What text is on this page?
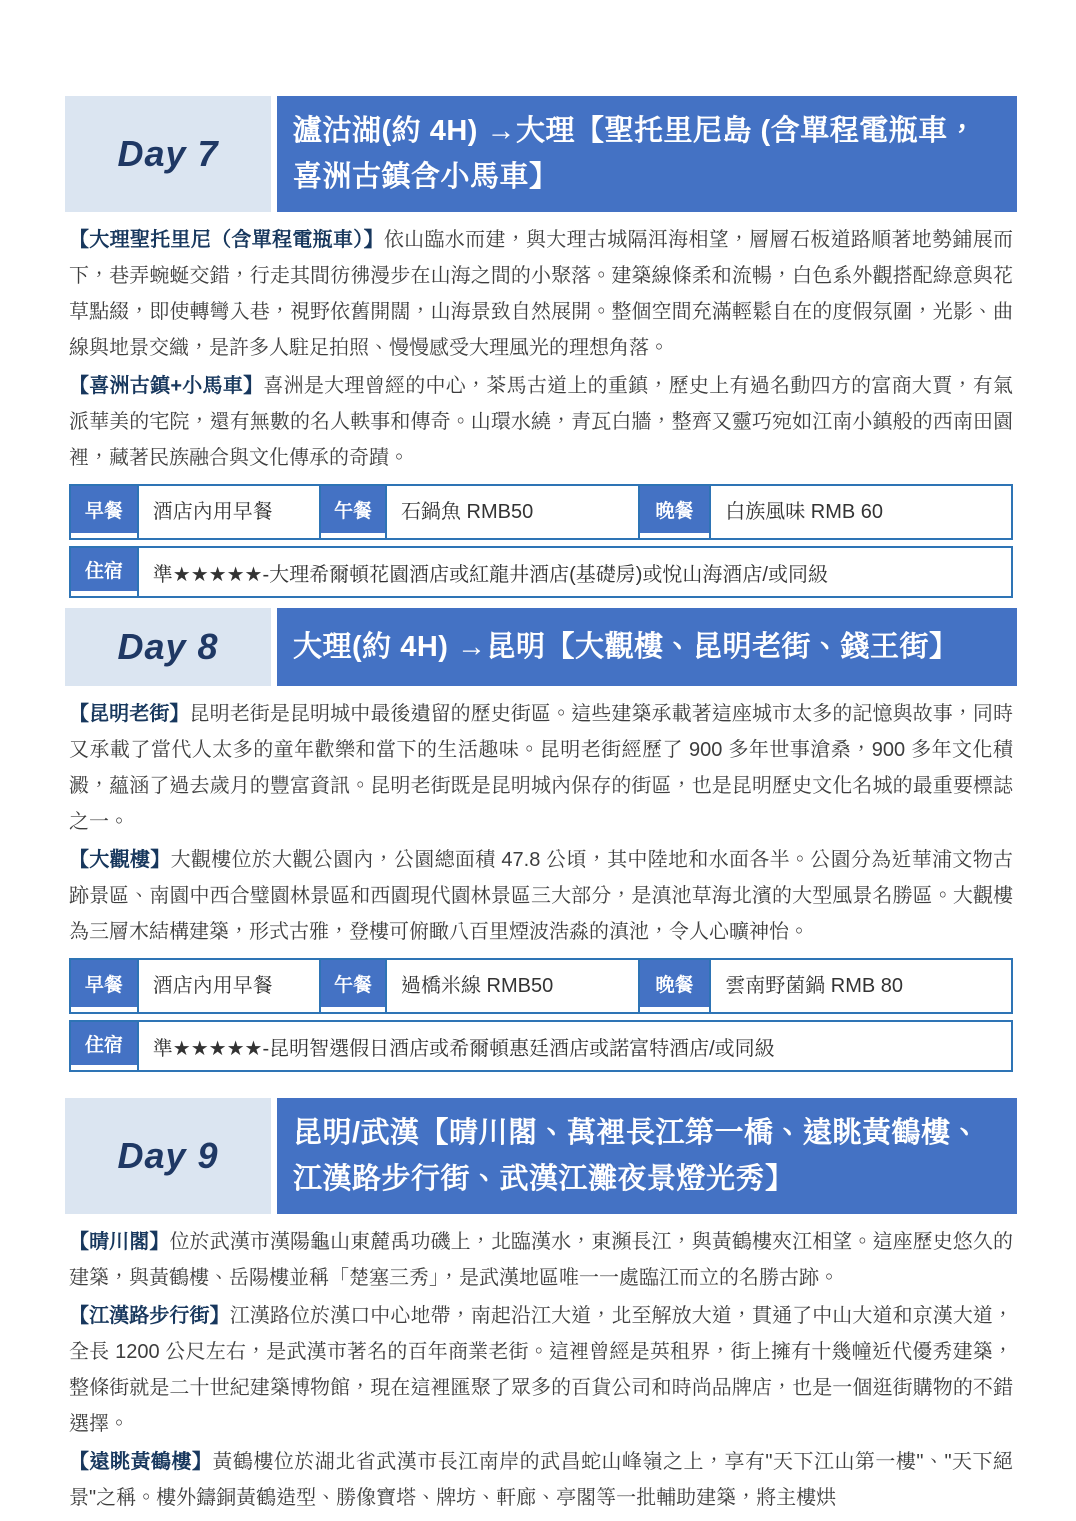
Day 7
瀘沽湖(約 4H) →大理【聖托里尼島 (含單程電瓶車，喜洲古鎮含小馬車】

【大理聖托里尼（含單程電瓶車）】依山臨水而建，與大理古城隔洱海相望，層層石板道路順著地勢鋪展而下，巷弄蜿蜒交錯，行走其間彷彿漫步在山海之間的小聚落。建築線條柔和流暢，白色系外觀搭配綠意與花草點綴，即使轉彎入巷，視野依舊開闊，山海景致自然展開。整個空間充滿輕鬆自在的度假氛圍，光影、曲線與地景交織，是許多人駐足拍照、慢慢感受大理風光的理想角落。

【喜洲古鎮+小馬車】喜洲是大理曾經的中心，茶馬古道上的重鎮，歷史上有過名動四方的富商大賈，有氣派華美的宅院，還有無數的名人軼事和傳奇。山環水繞，青瓦白牆，整齊又靈巧宛如江南小鎮般的西南田園裡，藏著民族融合與文化傳承的奇蹟。

早餐	酒店內用早餐	午餐	石鍋魚 RMB50	晚餐	白族風味 RMB 60
住宿	準★★★★★-大理希爾頓花園酒店或紅龍井酒店(基礎房)或悅山海酒店/或同級
Day 8	大理(約 4H) →昆明【大觀樓、昆明老街、錢王街】

【昆明老街】昆明老街是昆明城中最後遺留的歷史街區。這些建築承載著這座城市太多的記憶與故事，同時又承載了當代人太多的童年歡樂和當下的生活趣味。昆明老街經歷了 900 多年世事滄桑，900 多年文化積澱，蘊涵了過去歲月的豐富資訊。昆明老街既是昆明城內保存的街區，也是昆明歷史文化名城的最重要標誌之一。

【大觀樓】大觀樓位於大觀公園內，公園總面積 47.8 公頃，其中陸地和水面各半。公園分為近華浦文物古跡景區、南園中西合璧園林景區和西園現代園林景區三大部分，是滇池草海北濱的大型風景名勝區。大觀樓為三層木結構建築，形式古雅，登樓可俯瞰八百里煙波浩淼的滇池，令人心曠神怡。

早餐	酒店內用早餐	午餐	過橋米線 RMB50	晚餐	雲南野菌鍋 RMB 80
住宿	準★★★★★-昆明智選假日酒店或希爾頓惠廷酒店或諾富特酒店/或同級
Day 9
昆明/武漢【晴川閣、萬裡長江第一橋、遠眺黃鶴樓、江漢路步行街、武漢江灘夜景燈光秀】

【晴川閣】位於武漢市漢陽龜山東麓禹功磯上，北臨漢水，東瀕長江，與黃鶴樓夾江相望。這座歷史悠久的建築，與黃鶴樓、岳陽樓並稱「楚塞三秀」，是武漢地區唯一一處臨江而立的名勝古跡。

【江漢路步行街】江漢路位於漢口中心地帶，南起沿江大道，北至解放大道，貫通了中山大道和京漢大道，全長 1200 公尺左右，是武漢市著名的百年商業老街。這裡曾經是英租界，街上擁有十幾幢近代優秀建築，整條街就是二十世紀建築博物館，現在這裡匯聚了眾多的百貨公司和時尚品牌店，也是一個逛街購物的不錯選擇。

【遠眺黃鶴樓】黃鶴樓位於湖北省武漢市長江南岸的武昌蛇山峰嶺之上，享有"天下江山第一樓"、"天下絕景"之稱。樓外鑄銅黃鶴造型、勝像寶塔、牌坊、軒廊、亭閣等一批輔助建築，將主樓烘
